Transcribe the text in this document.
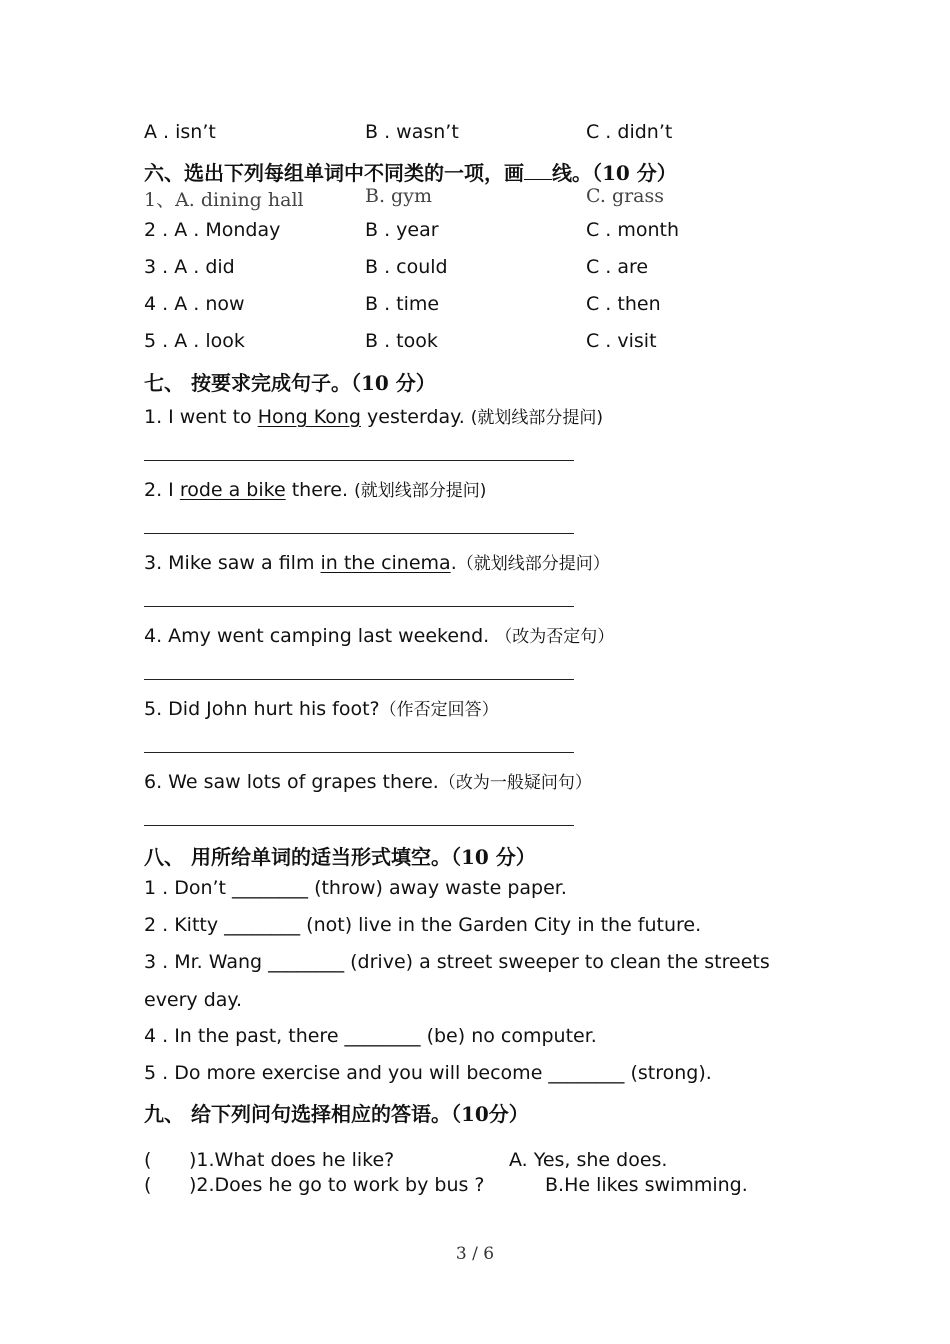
A . isn’t	B . wasn’t	C . didn’t
六、选出下列每组单词中不同类的一项，画 线。（10 分）
1、A. dining hall	B. gym	C. grass
2 . A . Monday	B . year	C . month
3 . A . did	B . could	C . are
4 . A . now	B . time	C . then
5 . A . look	B . took	C . visit
七、 按要求完成句子。（10 分）
1. I went to Hong Kong yesterday. (就划线部分提问)
2. I rode a bike there. (就划线部分提问)
3. Mike saw a film in the cinema.（就划线部分提问）
4. Amy went camping last weekend. （改为否定句）
5. Did John hurt his foot?（作否定回答）
6. We saw lots of grapes there.（改为一般疑问句）
八、 用所给单词的适当形式填空。（10 分）
1 . Don’t ________ (throw) away waste paper.
2 . Kitty ________ (not) live in the Garden City in the future.
3 . Mr. Wang ________ (drive) a street sweeper to clean the streets
every day.
4 . In the past, there ________ (be) no computer.
5 . Do more exercise and you will become ________ (strong).
九、 给下列问句选择相应的答语。（10分）
( )1.What does he like?	A. Yes, she does.
( )2.Does he go to work by bus ?	B.He likes swimming.
3 / 6
